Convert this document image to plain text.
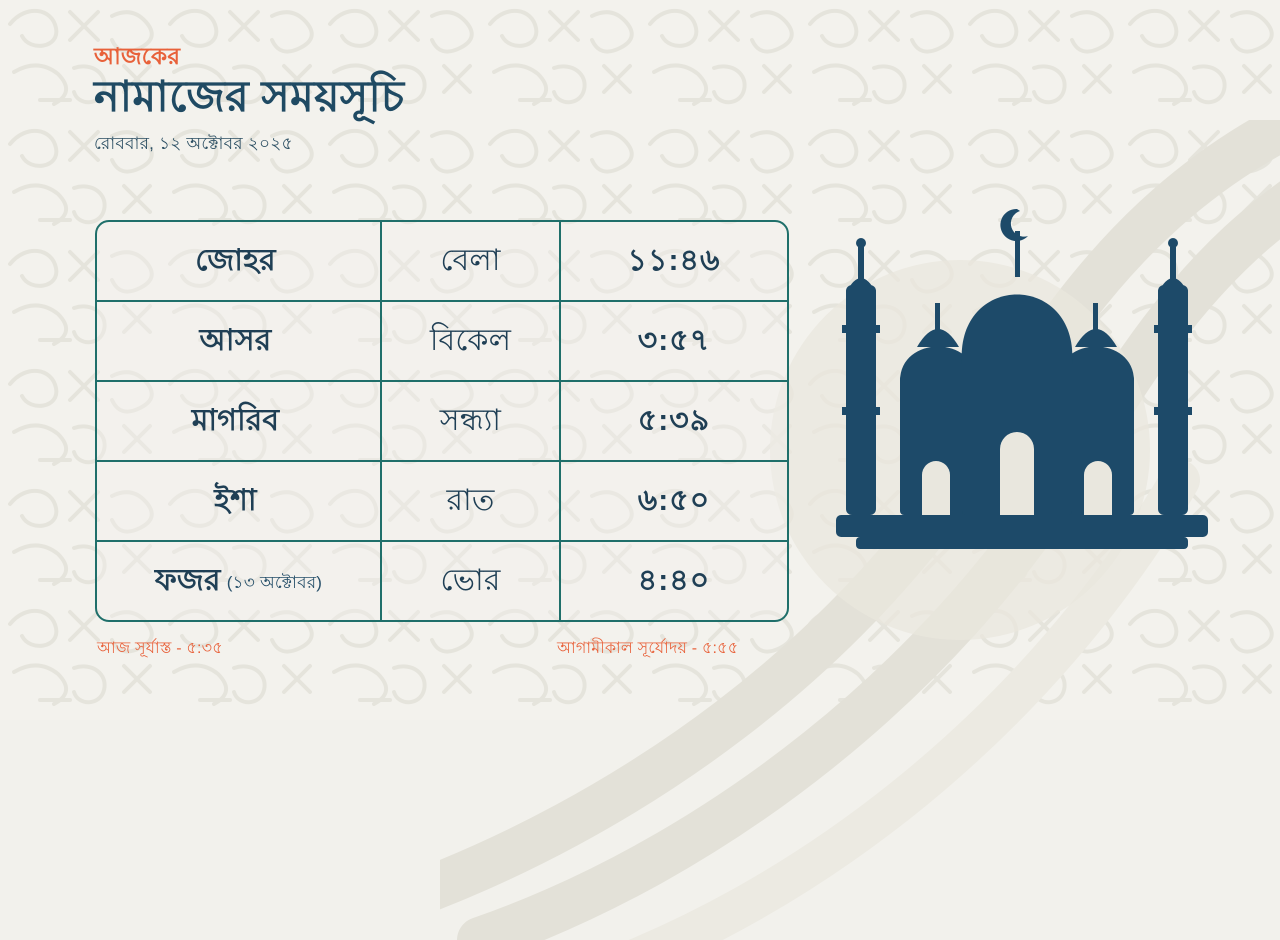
আজকের
নামাজের সময়সূচি
রোববার, ১২ অক্টোবর ২০২৫
জোহর	বেলা	১১:৪৬
আসর	বিকেল	৩:৫৭
মাগরিব	সন্ধ্যা	৫:৩৯
ইশা	রাত	৬:৫০
ফজর (১৩ অক্টোবর)	ভোর	৪:৪০
আজ সূর্যাস্ত - ৫:৩৫	আগামীকাল সূর্যোদয় - ৫:৫৫
